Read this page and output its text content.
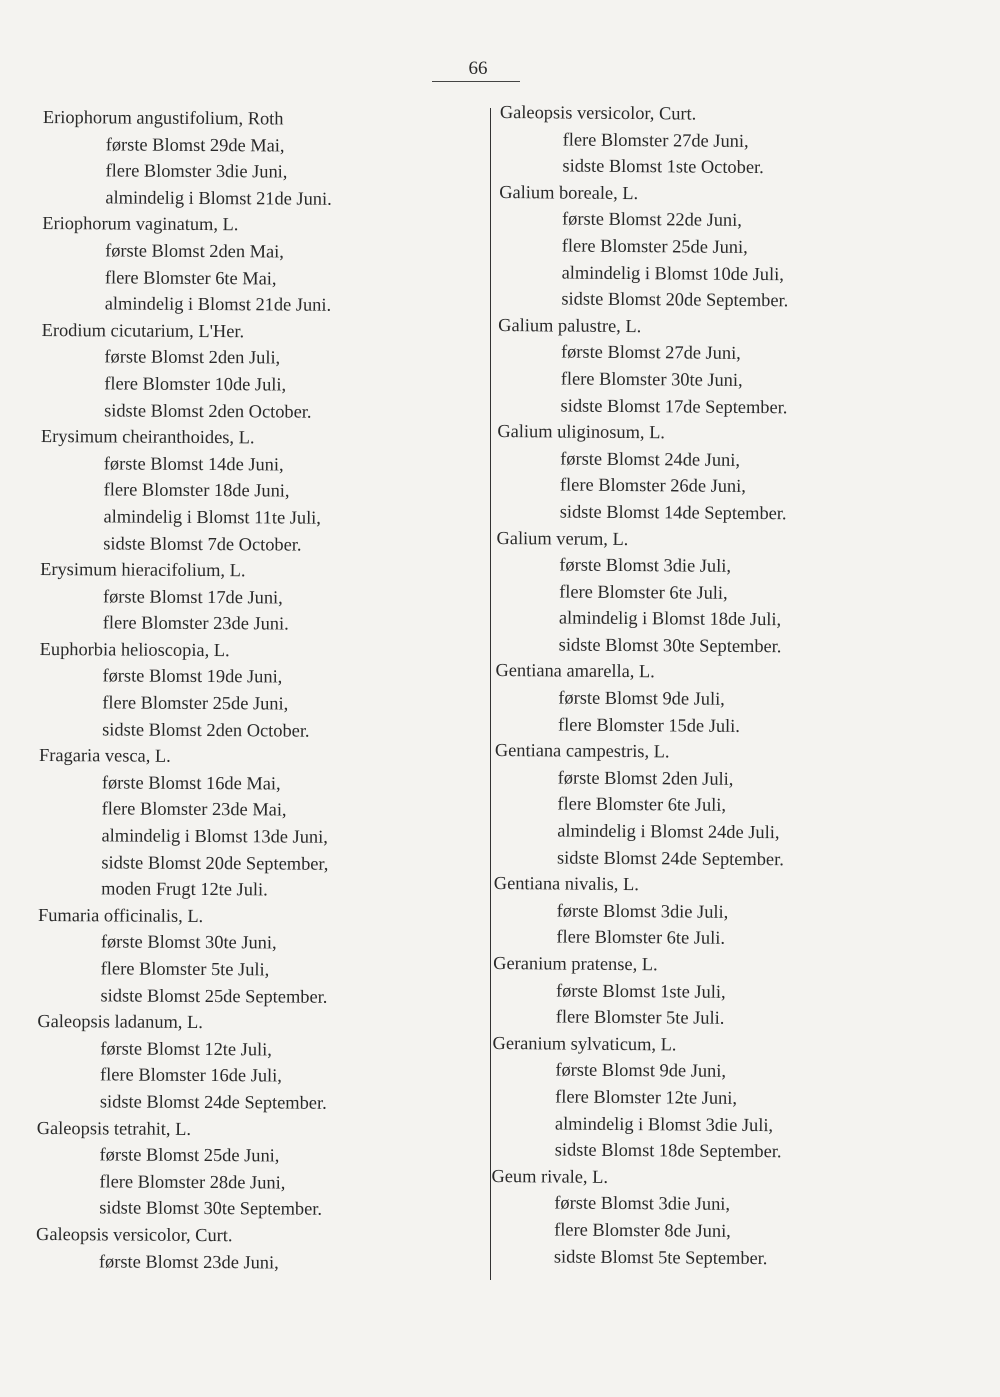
66
Eriophorum angustifolium, Roth
første Blomst 29de Mai,
flere Blomster 3die Juni,
almindelig i Blomst 21de Juni.
Eriophorum vaginatum, L.
første Blomst 2den Mai,
flere Blomster 6te Mai,
almindelig i Blomst 21de Juni.
Erodium cicutarium, L'Her.
første Blomst 2den Juli,
flere Blomster 10de Juli,
sidste Blomst 2den October.
Erysimum cheiranthoides, L.
første Blomst 14de Juni,
flere Blomster 18de Juni,
almindelig i Blomst 11te Juli,
sidste Blomst 7de October.
Erysimum hieracifolium, L.
første Blomst 17de Juni,
flere Blomster 23de Juni.
Euphorbia helioscopia, L.
første Blomst 19de Juni,
flere Blomster 25de Juni,
sidste Blomst 2den October.
Fragaria vesca, L.
første Blomst 16de Mai,
flere Blomster 23de Mai,
almindelig i Blomst 13de Juni,
sidste Blomst 20de September,
moden Frugt 12te Juli.
Fumaria officinalis, L.
første Blomst 30te Juni,
flere Blomster 5te Juli,
sidste Blomst 25de September.
Galeopsis ladanum, L.
første Blomst 12te Juli,
flere Blomster 16de Juli,
sidste Blomst 24de September.
Galeopsis tetrahit, L.
første Blomst 25de Juni,
flere Blomster 28de Juni,
sidste Blomst 30te September.
Galeopsis versicolor, Curt.
første Blomst 23de Juni,
Galeopsis versicolor, Curt.
flere Blomster 27de Juni,
sidste Blomst 1ste October.
Galium boreale, L.
første Blomst 22de Juni,
flere Blomster 25de Juni,
almindelig i Blomst 10de Juli,
sidste Blomst 20de September.
Galium palustre, L.
første Blomst 27de Juni,
flere Blomster 30te Juni,
sidste Blomst 17de September.
Galium uliginosum, L.
første Blomst 24de Juni,
flere Blomster 26de Juni,
sidste Blomst 14de September.
Galium verum, L.
første Blomst 3die Juli,
flere Blomster 6te Juli,
almindelig i Blomst 18de Juli,
sidste Blomst 30te September.
Gentiana amarella, L.
første Blomst 9de Juli,
flere Blomster 15de Juli.
Gentiana campestris, L.
første Blomst 2den Juli,
flere Blomster 6te Juli,
almindelig i Blomst 24de Juli,
sidste Blomst 24de September.
Gentiana nivalis, L.
første Blomst 3die Juli,
flere Blomster 6te Juli.
Geranium pratense, L.
første Blomst 1ste Juli,
flere Blomster 5te Juli.
Geranium sylvaticum, L.
første Blomst 9de Juni,
flere Blomster 12te Juni,
almindelig i Blomst 3die Juli,
sidste Blomst 18de September.
Geum rivale, L.
første Blomst 3die Juni,
flere Blomster 8de Juni,
sidste Blomst 5te September.
